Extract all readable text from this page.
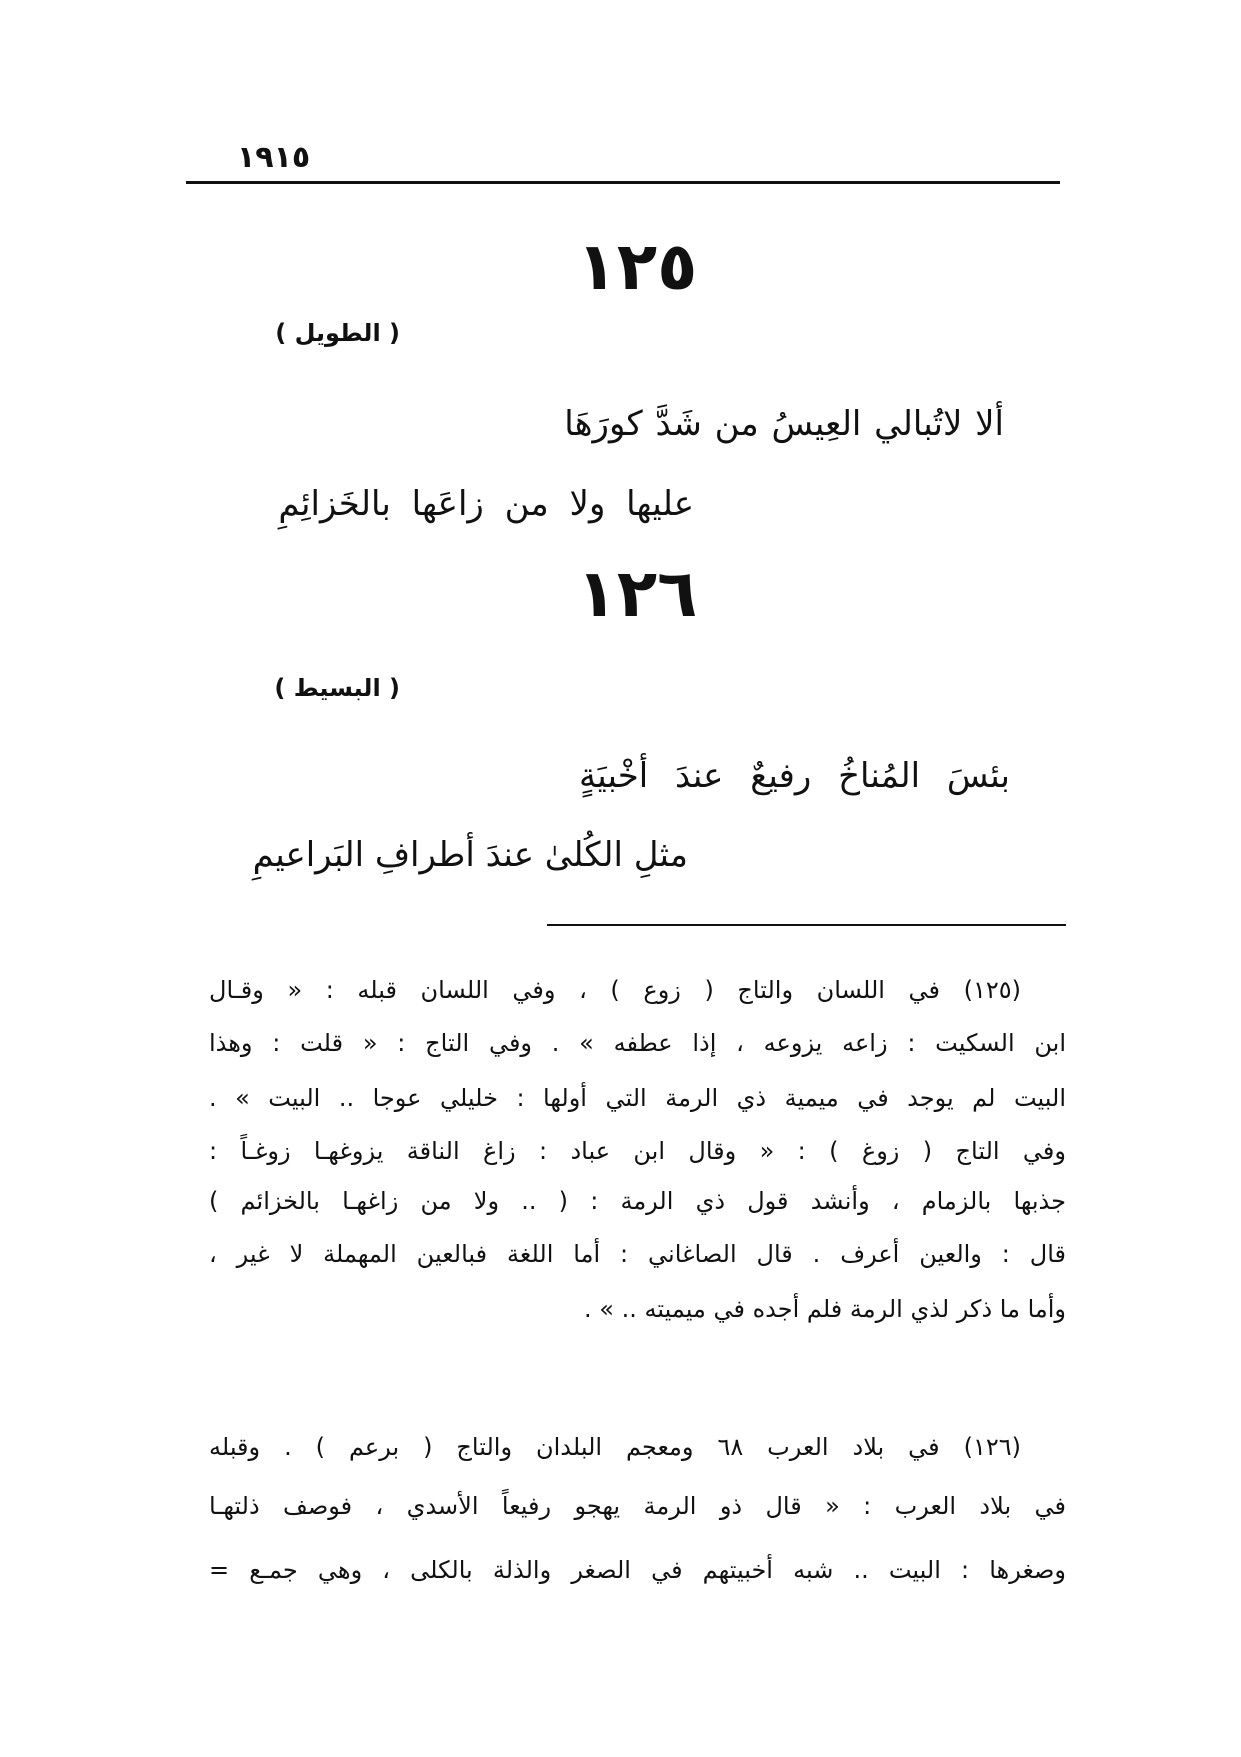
١٩١٥
١٢٥
( الطويل )
ألا لاتُبالي العِيسُ من شَدَّ كورَهَا
عليها ولا من زاعَها بالخَزائِمِ
١٢٦
( البسيط )
بئسَ المُناخُ رفيعٌ عندَ أخْبيَةٍ
مثلِ الكُلىٰ عندَ أطرافِ البَراعيمِ
(١٢٥) في اللسان والتاج ( زوع ) ، وفي اللسان قبله : « وقـال
ابن السكيت : زاعه يزوعه ، إذا عطفه » . وفي التاج : « قلت : وهذا
البيت لم يوجد في ميمية ذي الرمة التي أولها : خليلي عوجا .. البيت » .
وفي التاج ( زوغ ) : « وقال ابن عباد : زاغ الناقة يزوغهـا زوغـاً :
جذبها بالزمام ، وأنشد قول ذي الرمة : ( .. ولا من زاغهـا بالخزائم )
قال : والعين أعرف . قال الصاغاني : أما اللغة فبالعين المهملة لا غير ،
وأما ما ذكر لذي الرمة فلم أجده في ميميته .. » .
(١٢٦) في بلاد العرب ٦٨ ومعجم البلدان والتاج ( برعم ) . وقبله
في بلاد العرب : « قال ذو الرمة يهجو رفيعاً الأسدي ، فوصف ذلتهـا
وصغرها : البيت .. شبه أخبيتهم في الصغر والذلة بالكلى ، وهي جمـع =
